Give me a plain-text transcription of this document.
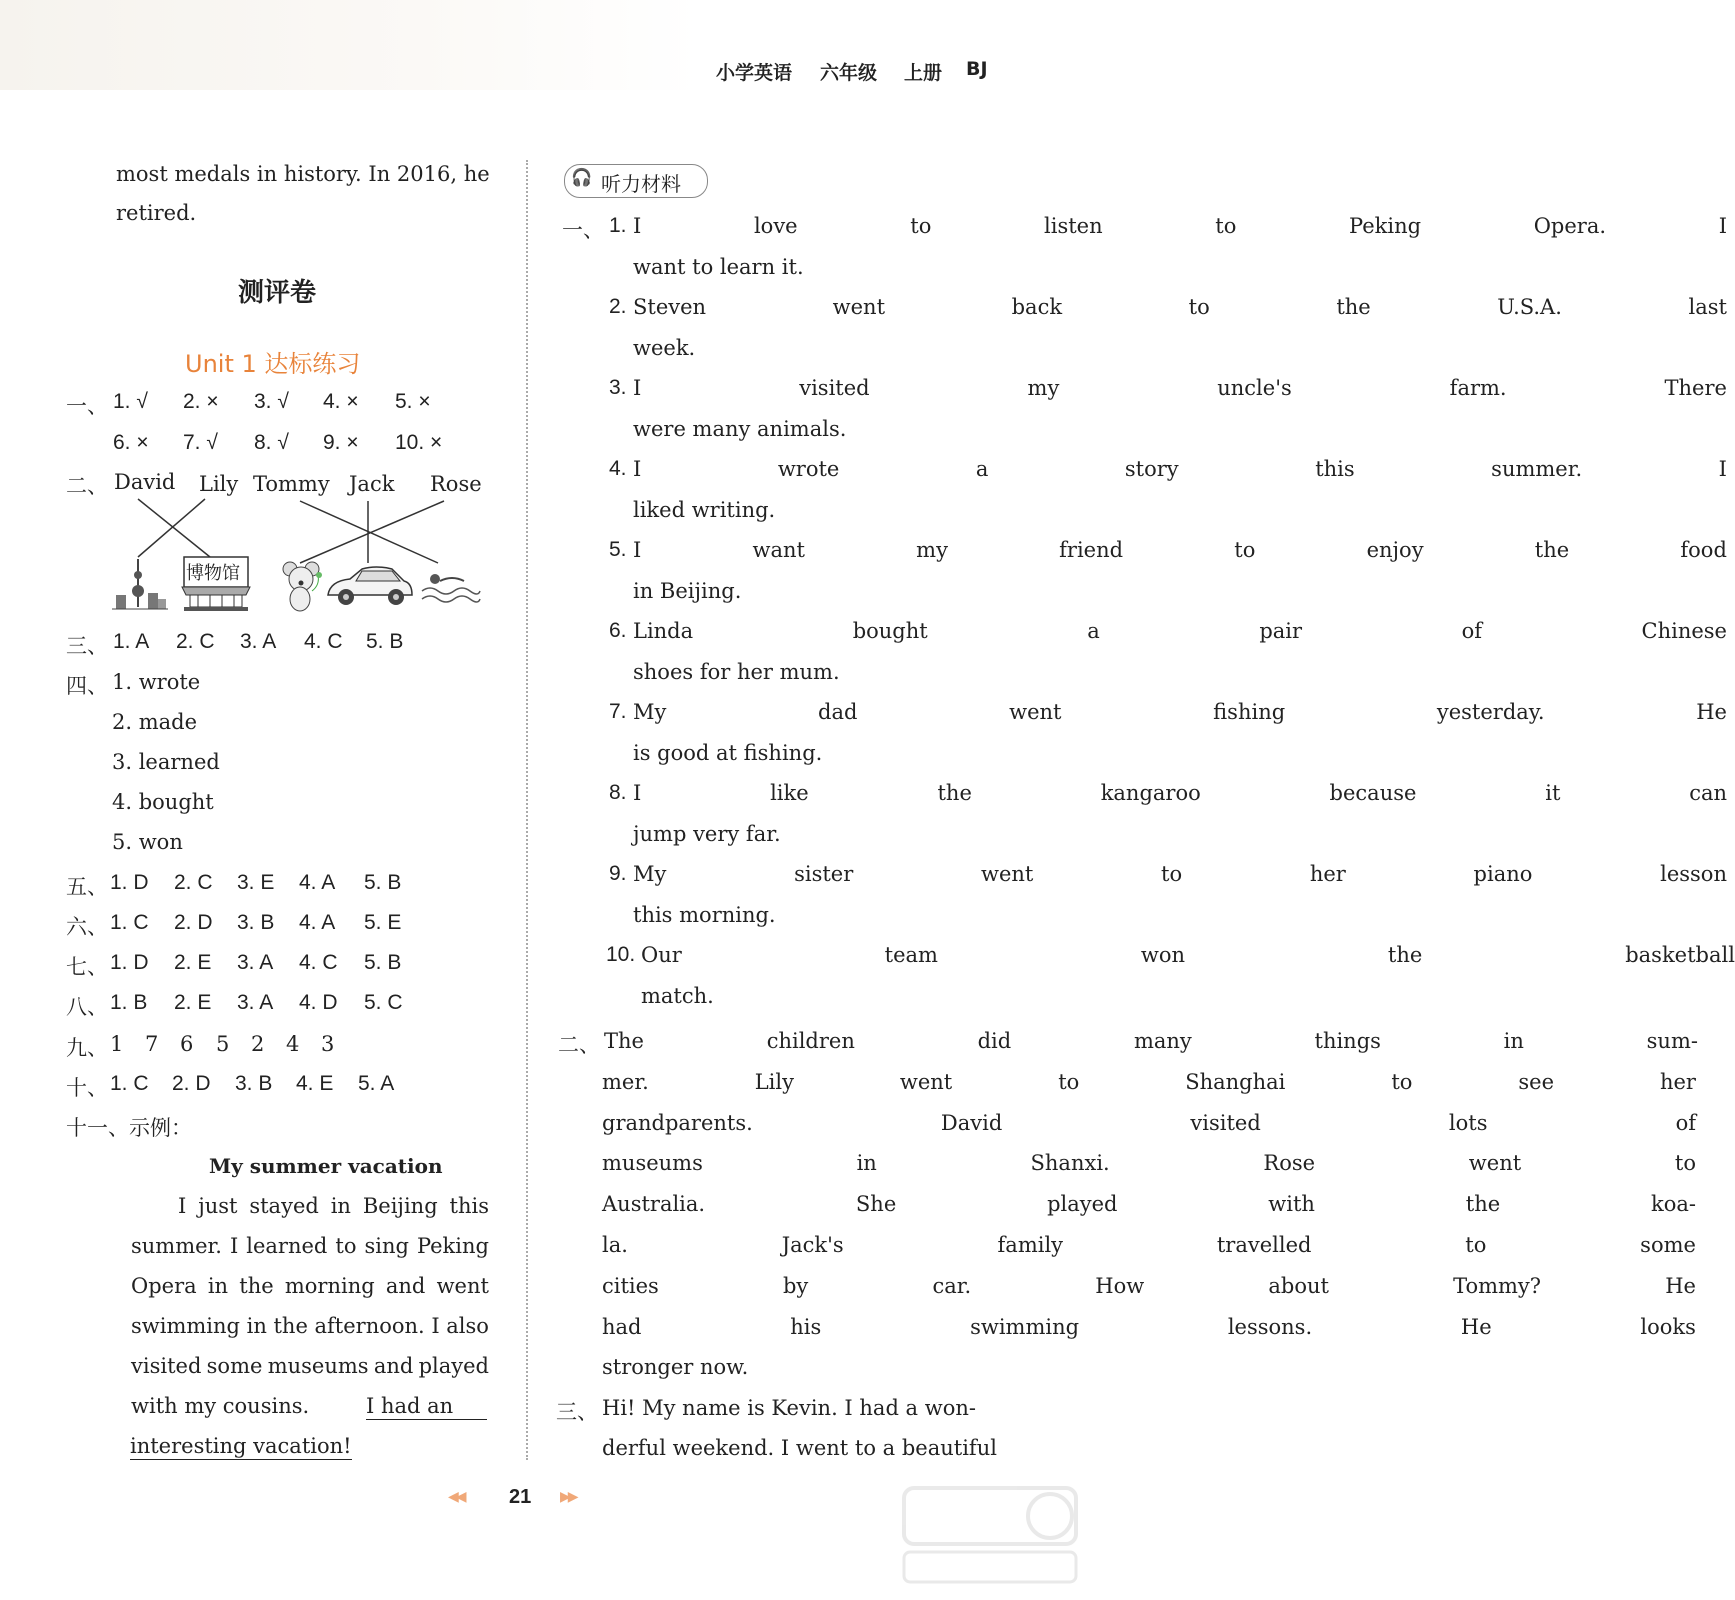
小学英语 六年级 上册 BJ
most medals in history. In 2016, he
retired.
测评卷
Unit 1 达标练习
一、 1. √ 2. × 3. √ 4. × 5. ×
6. × 7. √ 8. √ 9. × 10. ×
二、 David Lily Tommy Jack Rose
博物馆
三、 1. A 2. C 3. A 4. C 5. B
四、 1. wrote
2. made
3. learned
4. bought
5. won
五、 1. D 2. C 3. E 4. A 5. B
六、 1. C 2. D 3. B 4. A 5. E
七、 1. D 2. E 3. A 4. C 5. B
八、 1. B 2. E 3. A 4. D 5. C
九、 1 7 6 5 2 4 3
十、 1. C 2. D 3. B 4. E 5. A
十一、示例：
My summer vacation
I just stayed in Beijing this
summer. I learned to sing Peking
Opera in the morning and went
swimming in the afternoon. I also
visited some museums and played
with my cousins.	I had an
interesting vacation!
🎧 听力材料
一、 1. I	love	to	listen	to	Peking	Opera.	I
want to learn it.
2. Steven	went	back	to	the	U.S.A.	last
week.
3. I	visited	my	uncle's	farm.	There
were many animals.
4. I	wrote	a	story	this	summer.	I
liked writing.
5. I	want	my	friend	to	enjoy	the	food
in Beijing.
6. Linda	bought	a	pair	of	Chinese
shoes for her mum.
7. My	dad	went	fishing	yesterday.	He
is good at fishing.
8. I	like	the	kangaroo	because	it	can
jump very far.
9. My	sister	went	to	her	piano	lesson
this morning.
10. Our	team	won	the	basketball
match.
二、 The	children	did	many	things	in	sum-
mer.	Lily	went	to	Shanghai	to	see	her
grandparents.	David	visited	lots	of
museums	in	Shanxi.	Rose	went	to
Australia.	She	played	with	the	koa-
la.	Jack's	family	travelled	to	some
cities	by	car.	How	about	Tommy?	He
had	his	swimming	lessons.	He	looks
stronger now.
三、 Hi! My name is Kevin. I had a won-
derful weekend. I went to a beautiful
◀◀ 21 ▶▶
